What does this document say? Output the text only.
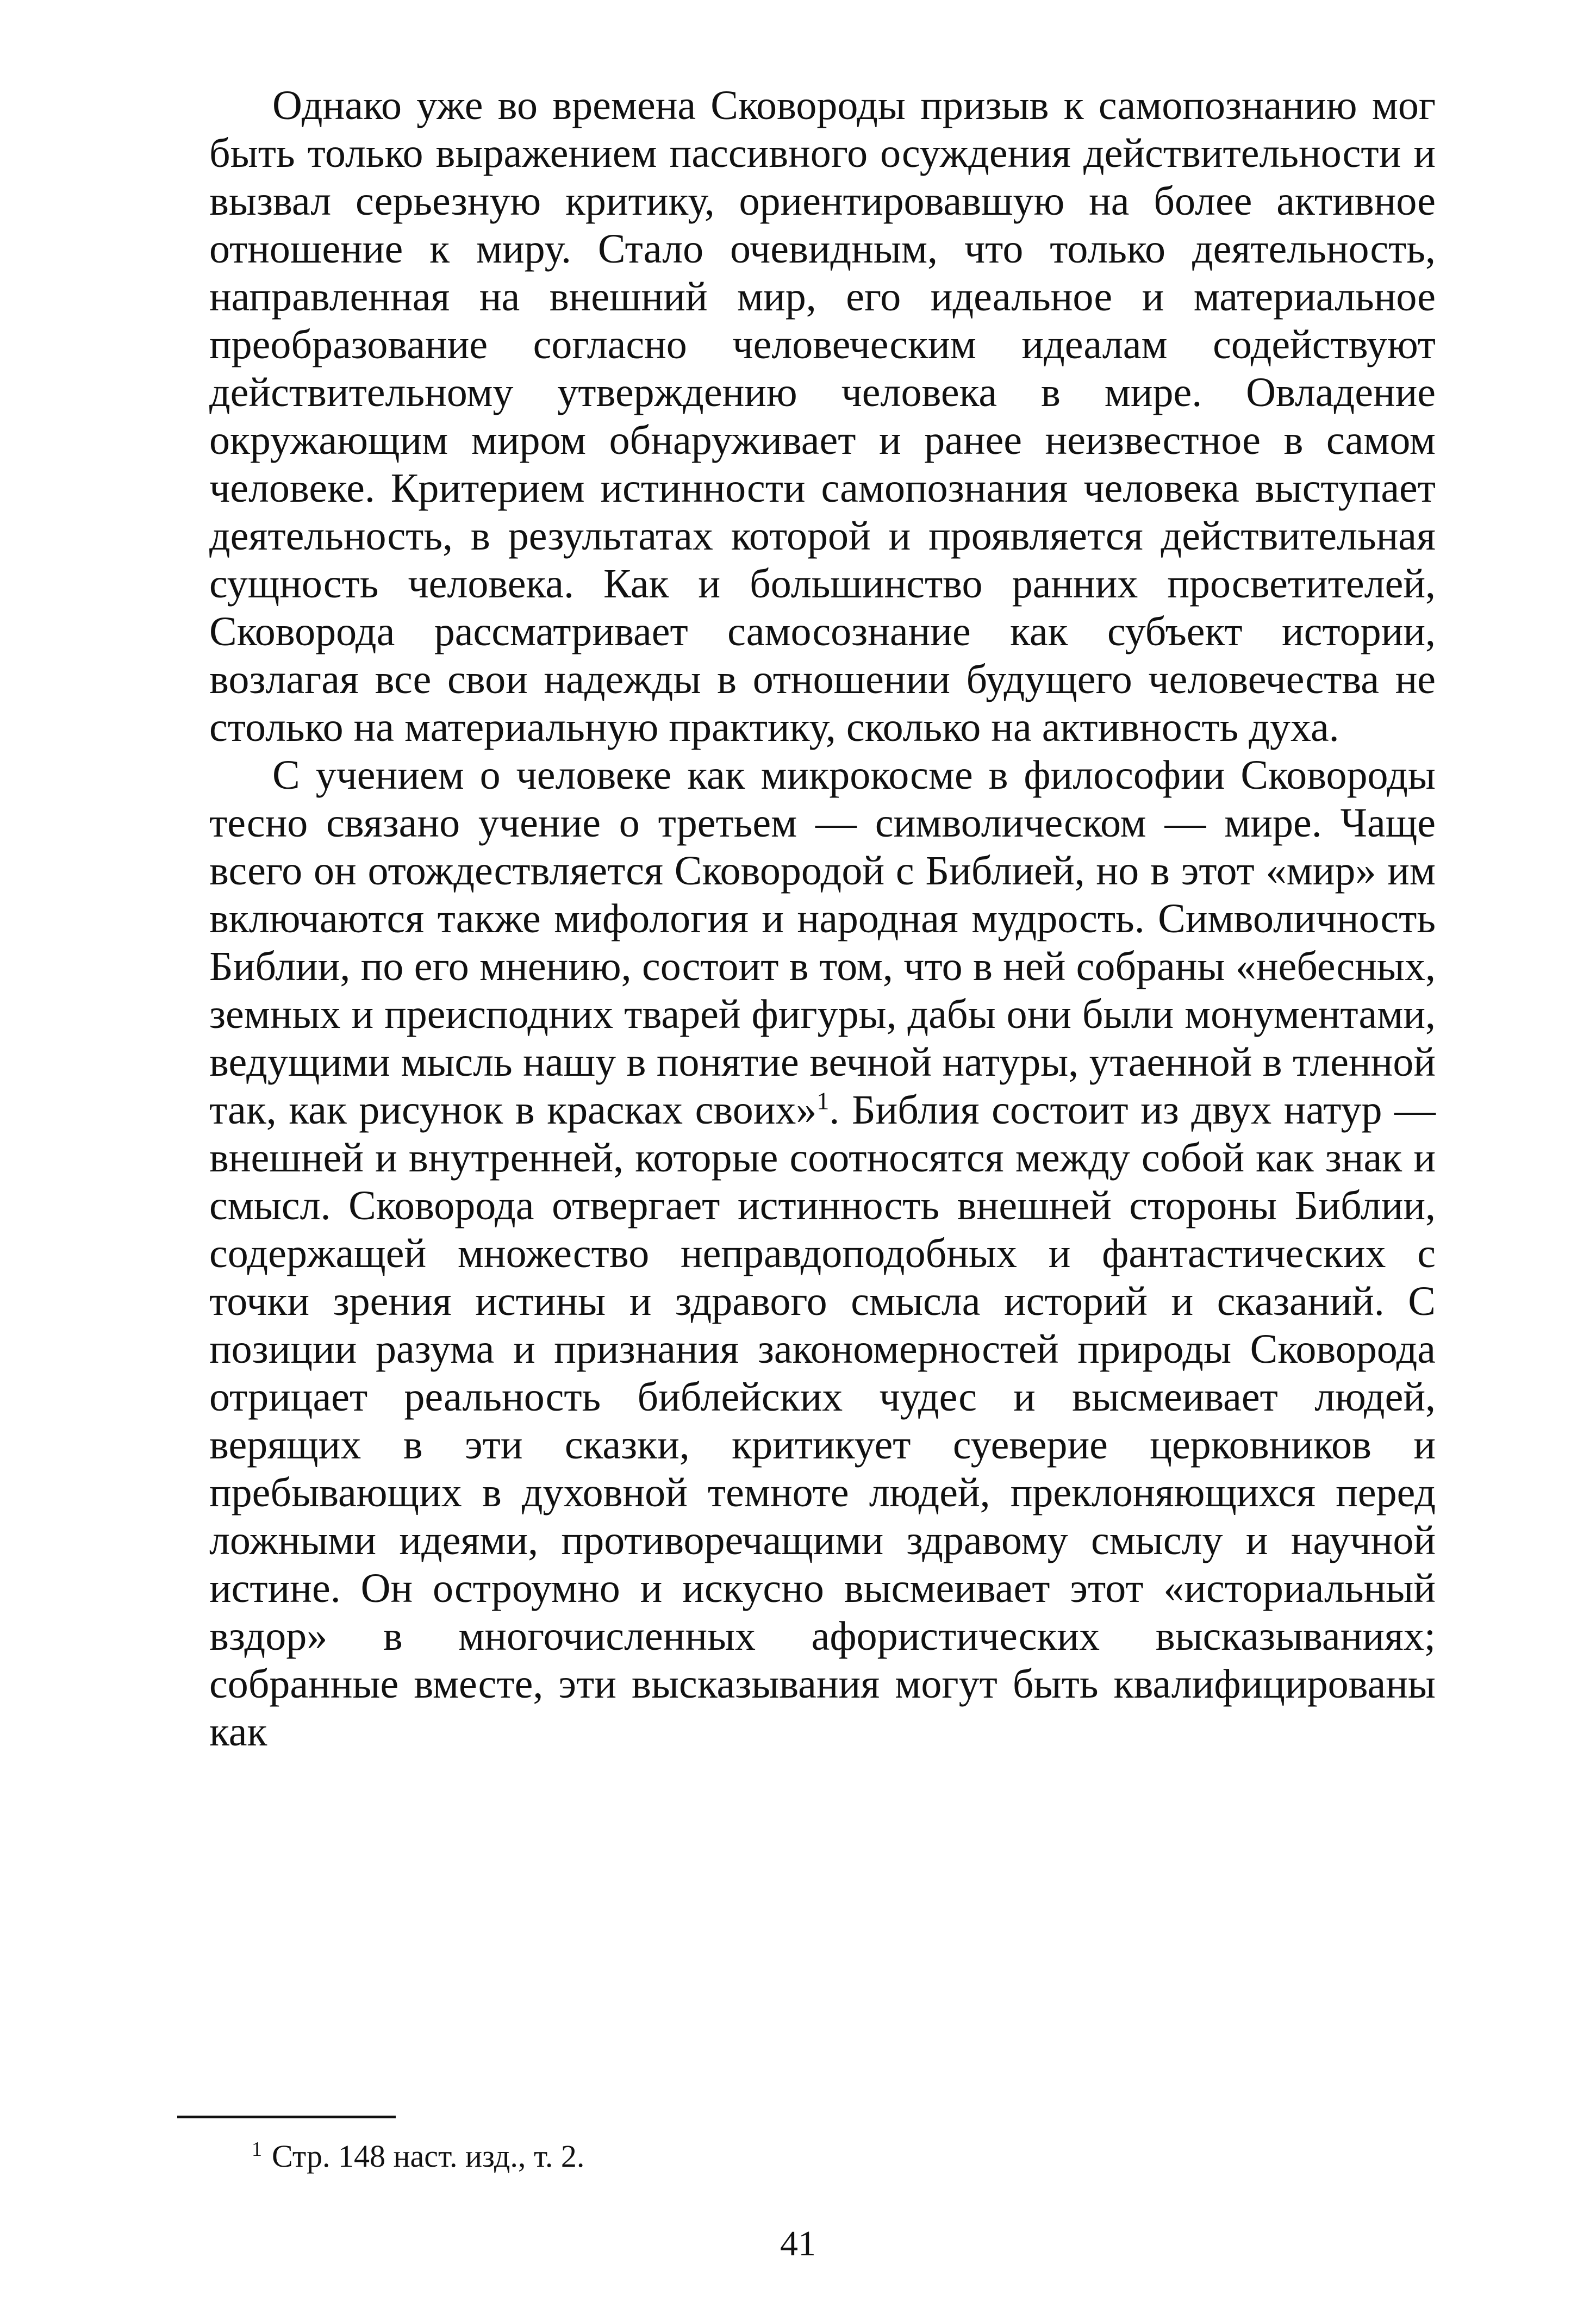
Однако уже во времена Сковороды призыв к самопознанию мог быть только выражением пассивного осуждения действительности и вызвал серьезную критику, ориентировавшую на более активное отношение к миру. Стало очевидным, что только деятельность, направленная на внешний мир, его идеальное и материальное преобразование согласно человеческим идеалам содействуют действительному утверждению человека в мире. Овладение окружающим миром обнаруживает и ранее неизвестное в самом человеке. Критерием истинности самопознания человека выступает деятельность, в результатах которой и проявляется действительная сущность человека. Как и большинство ранних просветителей, Сковорода рассматривает самосознание как субъект истории, возлагая все свои надежды в отношении будущего человечества не столько на материальную практику, сколько на активность духа.

С учением о человеке как микрокосме в философии Сковороды тесно связано учение о третьем — символическом — мире. Чаще всего он отождествляется Сковородой с Библией, но в этот «мир» им включаются также мифология и народная мудрость. Символичность Библии, по его мнению, состоит в том, что в ней собраны «небесных, земных и преисподних тварей фигуры, дабы они были монументами, ведущими мысль нашу в понятие вечной натуры, утаенной в тленной так, как рисунок в красках своих»$^1$. Библия состоит из двух натур — внешней и внутренней, которые соотносятся между собой как знак и смысл. Сковорода отвергает истинность внешней стороны Библии, содержащей множество неправдоподобных и фантастических с точки зрения истины и здравого смысла историй и сказаний. С позиции разума и признания закономерностей природы Сковорода отрицает реальность библейских чудес и высмеивает людей, верящих в эти сказки, критикует суеверие церковников и пребывающих в духовной темноте людей, преклоняющихся перед ложными идеями, противоречащими здравому смыслу и научной истине. Он остроумно и искусно высмеивает этот «историальный вздор» в многочисленных афористических высказываниях; собранные вместе, эти высказывания могут быть квалифицированы как

$^1$ Стр. 148 наст. изд., т. 2.
41
